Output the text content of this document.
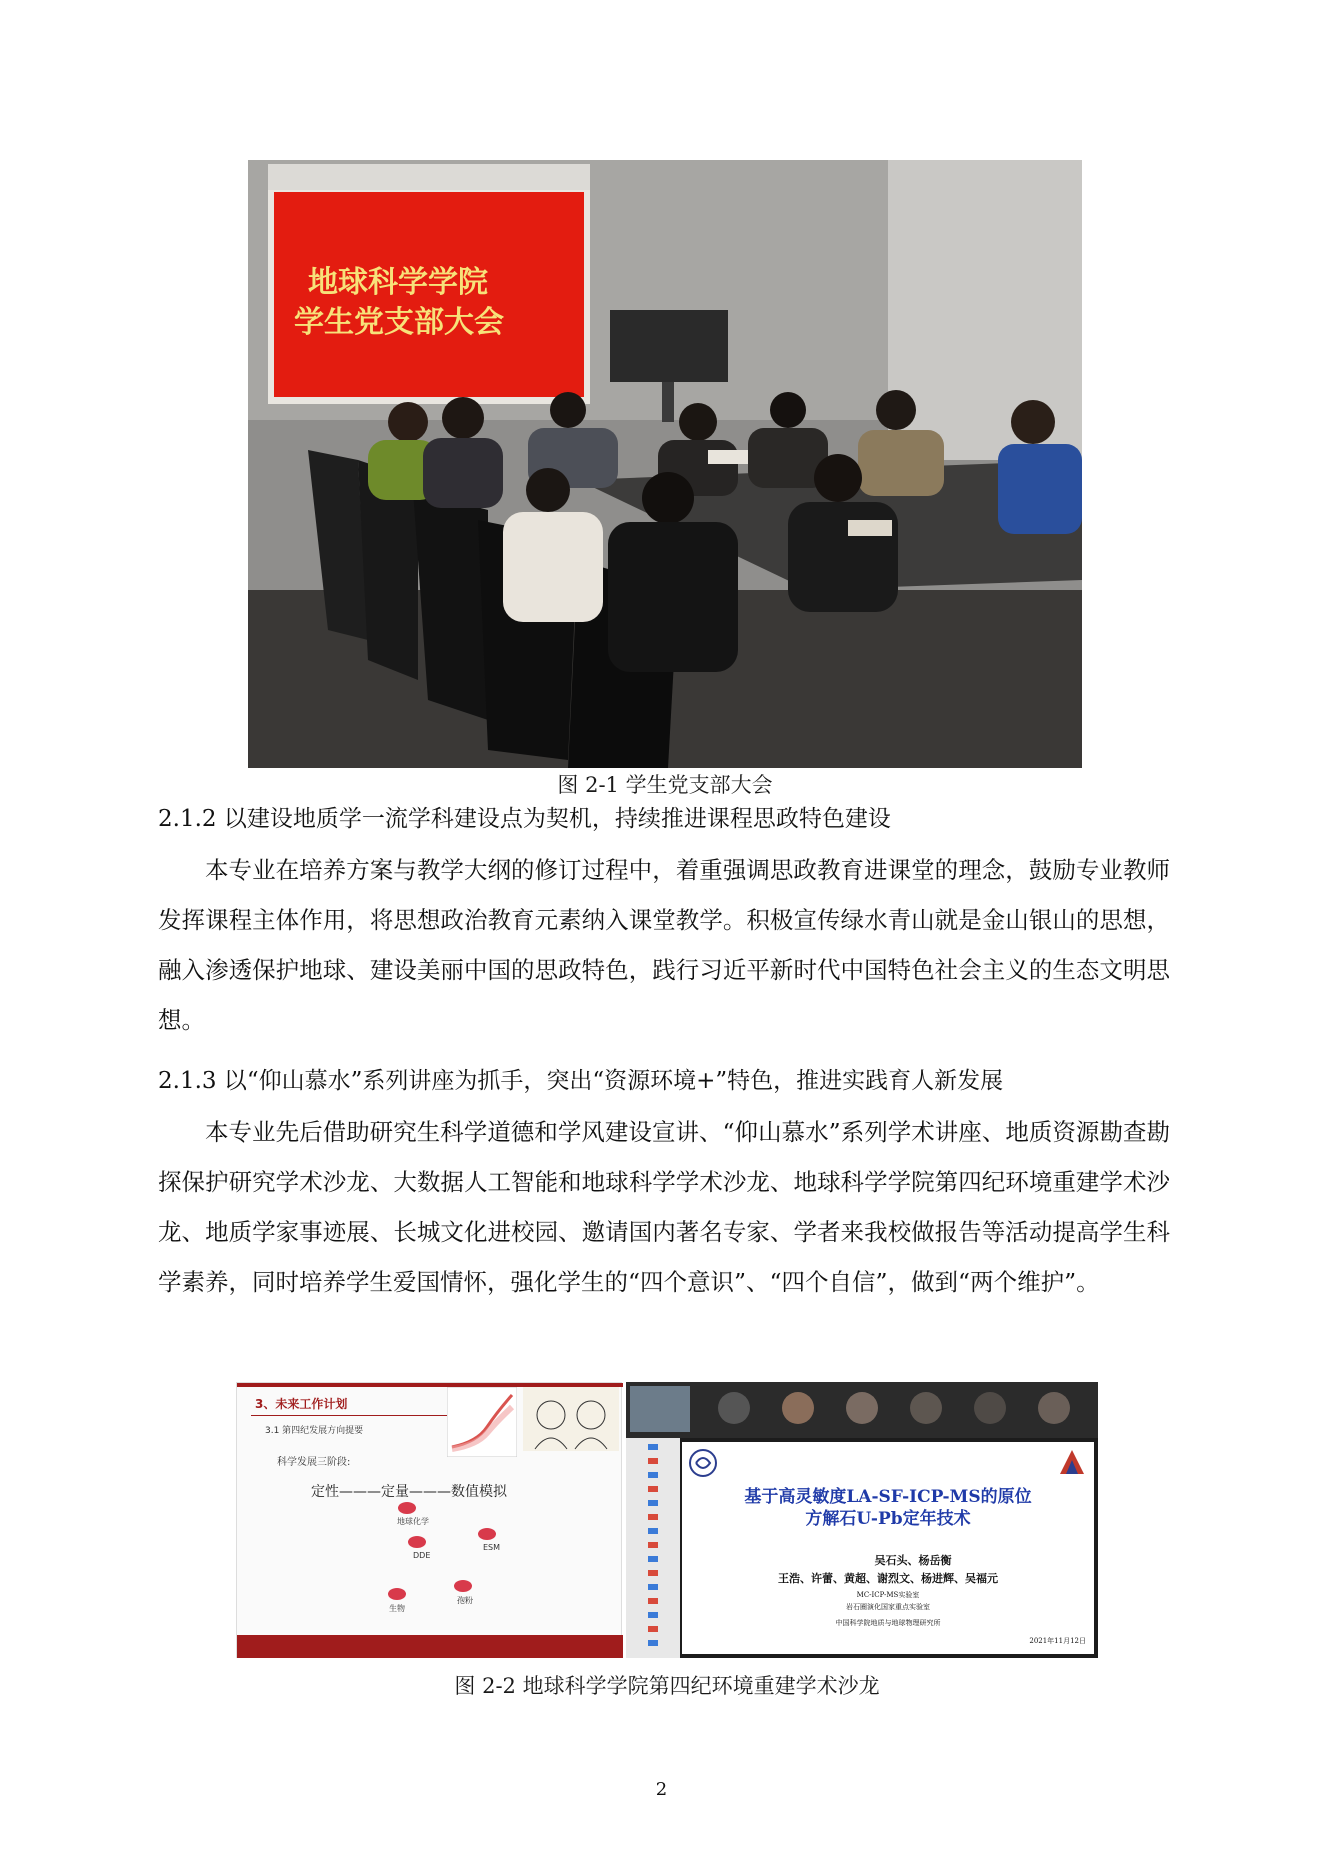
地球科学学院
学生党支部大会
图 2-1 学生党支部大会
2.1.2 以建设地质学一流学科建设点为契机，持续推进课程思政特色建设

本专业在培养方案与教学大纲的修订过程中，着重强调思政教育进课堂的理念，鼓励专业教师发挥课程主体作用，将思想政治教育元素纳入课堂教学。积极宣传绿水青山就是金山银山的思想，融入渗透保护地球、建设美丽中国的思政特色，践行习近平新时代中国特色社会主义的生态文明思想。

2.1.3 以“仰山慕水”系列讲座为抓手，突出“资源环境+”特色，推进实践育人新发展

本专业先后借助研究生科学道德和学风建设宣讲、“仰山慕水”系列学术讲座、地质资源勘查勘探保护研究学术沙龙、大数据人工智能和地球科学学术沙龙、地球科学学院第四纪环境重建学术沙龙、地质学家事迹展、长城文化进校园、邀请国内著名专家、学者来我校做报告等活动提高学生科学素养，同时培养学生爱国情怀，强化学生的“四个意识”、“四个自信”，做到“两个维护”。

3、未来工作计划
3.1 第四纪发展方向提要
科学发展三阶段:
定性———定量———数值模拟
地球化学
DDE
ESM
生物
孢粉
基于高灵敏度LA-SF-ICP-MS的原位
方解石U-Pb定年技术
吴石头、杨岳衡
王浩、许蕾、黄超、谢烈文、杨进辉、吴福元
MC-ICP-MS实验室
岩石圈演化国家重点实验室
中国科学院地质与地球物理研究所
2021年11月12日
图 2-2 地球科学学院第四纪环境重建学术沙龙
2
